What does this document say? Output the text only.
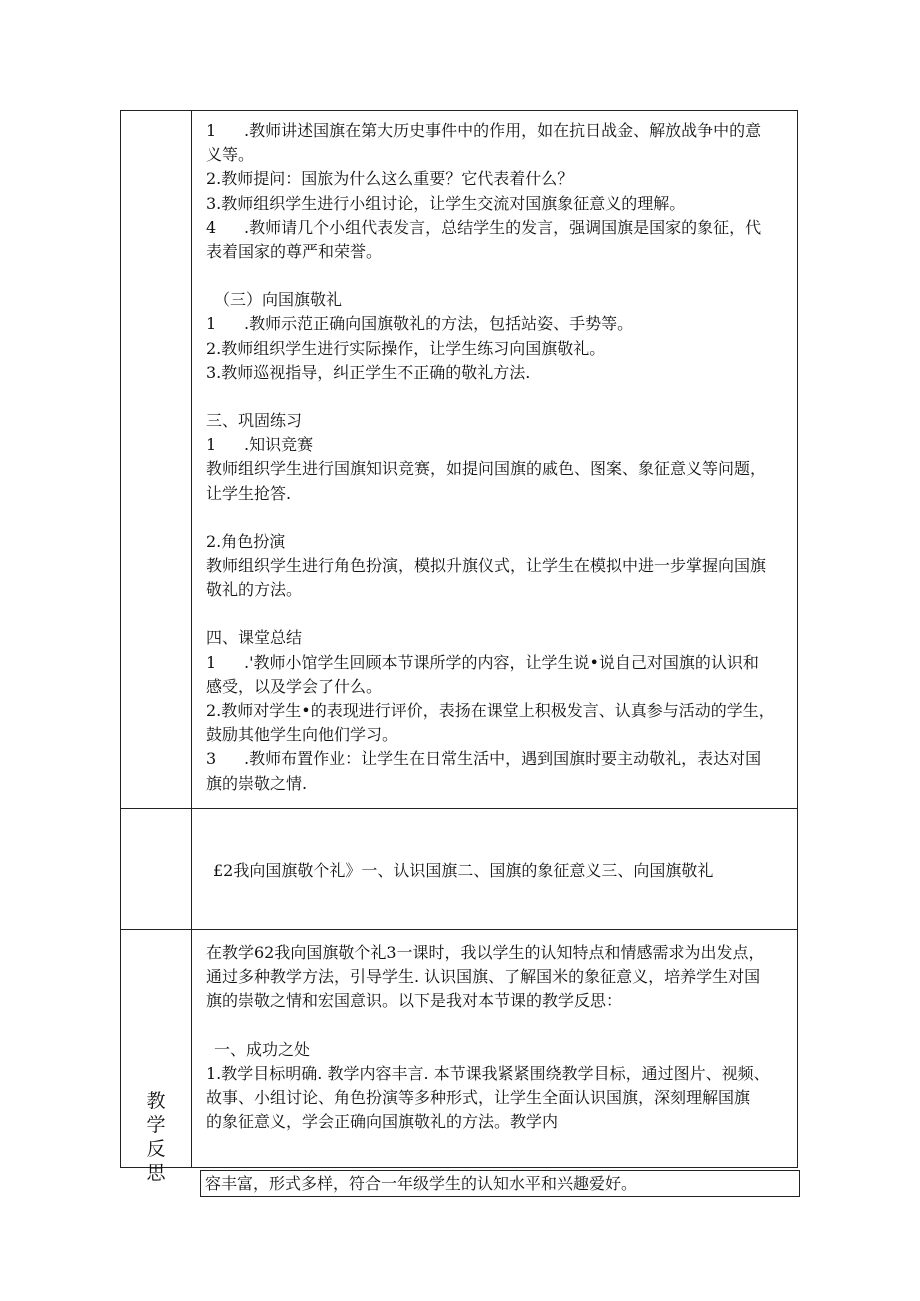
1 .教师讲述国旗在第大历史事件中的作用，如在抗日战金、解放战争中的意

义等。

2.教师提问：国旅为什么这么重要？它代表着什么？

3.教师组织学生进行小组讨论，让学生交流对国旗象征意义的理解。

4 .教师请几个小组代表发言，总结学生的发言，强调国旗是国家的象征，代

表着国家的尊严和荣誉。

（三）向国旗敬礼

1 .教师示范正确向国旗敬礼的方法，包括站姿、手势等。

2.教师组织学生进行实际操作，让学生练习向国旗敬礼。

3.教师巡视指导，纠正学生不正确的敬礼方法.

三、巩固练习

1 .知识竞赛

教师组织学生进行国旗知识竞赛，如提问国旗的戚色、图案、象征意义等问题，

让学生抢答.

2.角色扮演

教师组织学生进行角色扮演，模拟升旗仪式，让学生在模拟中进一步掌握向国旗

敬礼的方法。

四、课堂总结

1 .'教师小馆学生回顾本节课所学的内容，让学生说•说自己对国旗的认识和

感受，以及学会了什么。

2.教师对学生•的表现进行评价，表扬在课堂上积极发言、认真参与活动的学生，

鼓励其他学生向他们学习。

3 .教师布置作业：让学生在日常生活中，遇到国旗时要主动敬礼，表达对国

旗的崇敬之情.

£2我向国旗敬个礼》一、认识国旗二、国旗的象征意义三、向国旗敬礼
教
学
反
思

在教学62我向国旗敬个礼3一课时，我以学生的认知特点和情感需求为出发点，

通过多种教学方法，引导学生. 认识国旗、了解国米的象征意义，培养学生对国

旗的崇敬之情和宏国意识。以下是我对本节课的教学反思：

一、成功之处

1.教学目标明确. 教学内容丰言. 本节课我紧紧围绕教学目标，通过图片、视频、

故事、小组讨论、角色扮演等多种形式，让学生全面认识国旗，深刻理解国旗

的象征意义，学会正确向国旗敬礼的方法。教学内

容丰富，形式多样，符合一年级学生的认知水平和兴趣爱好。
